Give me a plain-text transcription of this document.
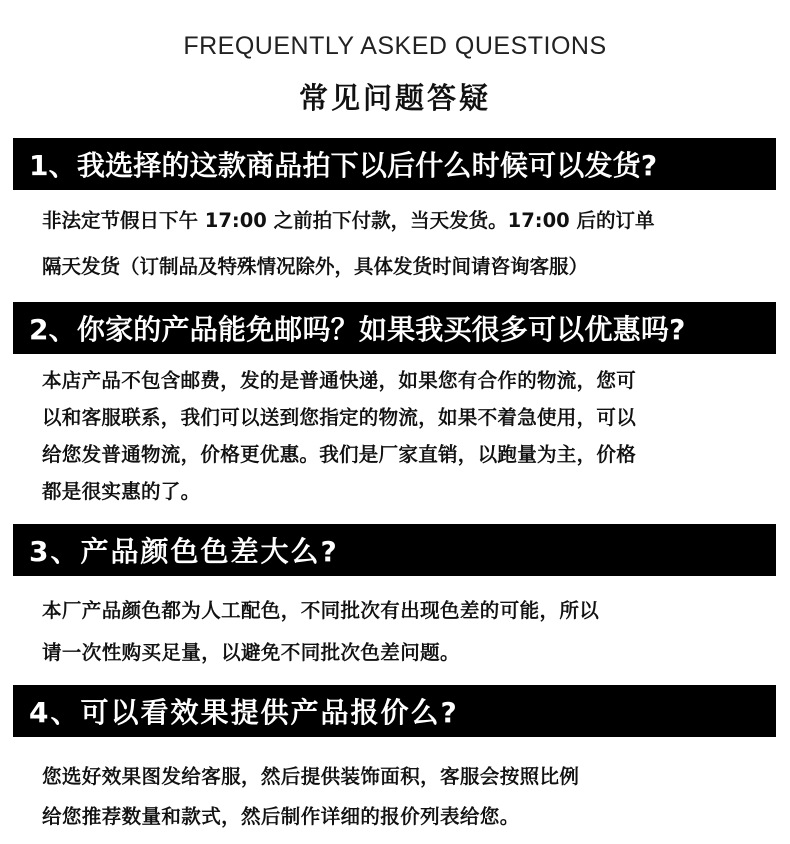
FREQUENTLY ASKED QUESTIONS
常见问题答疑
1、我选择的这款商品拍下以后什么时候可以发货?
非法定节假日下午 17:00 之前拍下付款，当天发货。17:00 后的订单
隔天发货（订制品及特殊情况除外，具体发货时间请咨询客服）
2、你家的产品能免邮吗？如果我买很多可以优惠吗?
本店产品不包含邮费，发的是普通快递，如果您有合作的物流，您可
以和客服联系，我们可以送到您指定的物流，如果不着急使用，可以
给您发普通物流，价格更优惠。我们是厂家直销，以跑量为主，价格
都是很实惠的了。
3、产品颜色色差大么?
本厂产品颜色都为人工配色，不同批次有出现色差的可能，所以
请一次性购买足量，以避免不同批次色差问题。
4、可以看效果提供产品报价么?
您选好效果图发给客服，然后提供装饰面积，客服会按照比例
给您推荐数量和款式，然后制作详细的报价列表给您。
